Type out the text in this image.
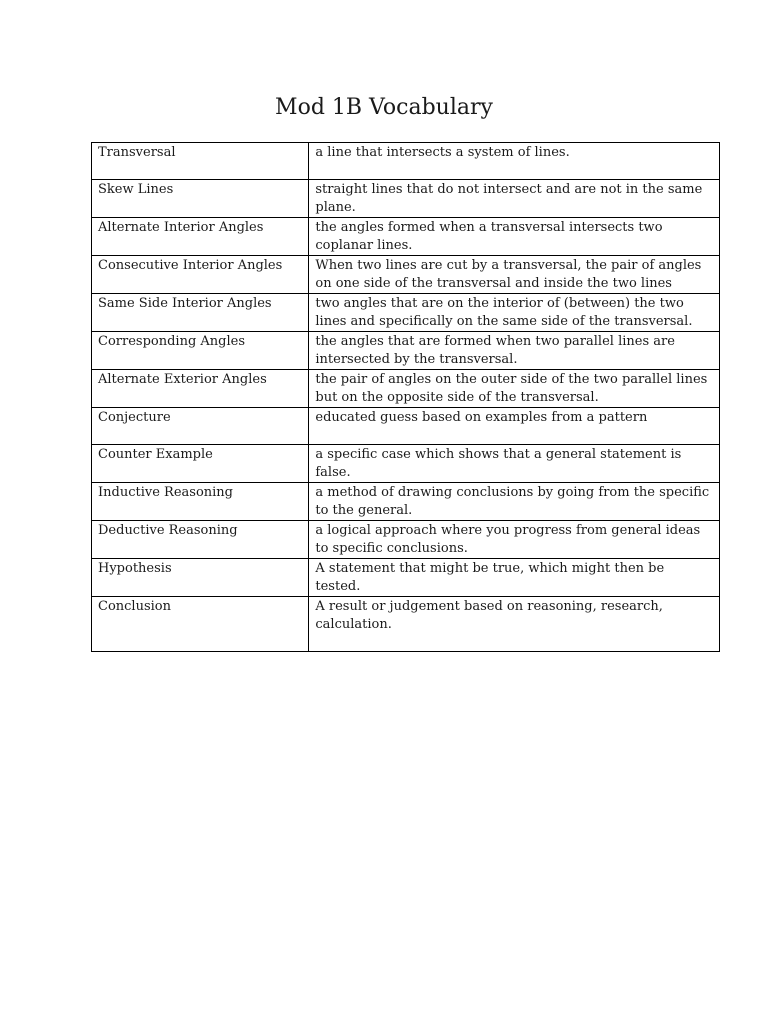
Mod 1B Vocabulary
Transversal	a line that intersects a system of lines.
Skew Lines	straight lines that do not intersect and are not in the same plane.
Alternate Interior Angles	the angles formed when a transversal intersects two coplanar lines.
Consecutive Interior Angles	When two lines are cut by a transversal, the pair of angles on one side of the transversal and inside the two lines
Same Side Interior Angles	two angles that are on the interior of (between) the two lines and specifically on the same side of the transversal.
Corresponding Angles	the angles that are formed when two parallel lines are intersected by the transversal.
Alternate Exterior Angles	the pair of angles on the outer side of the two parallel lines but on the opposite side of the transversal.
Conjecture	educated guess based on examples from a pattern
Counter Example	a specific case which shows that a general statement is false.
Inductive Reasoning	a method of drawing conclusions by going from the specific to the general.
Deductive Reasoning	a logical approach where you progress from general ideas to specific conclusions.
Hypothesis	A statement that might be true, which might then be tested.
Conclusion	A result or judgement based on reasoning, research, calculation.
